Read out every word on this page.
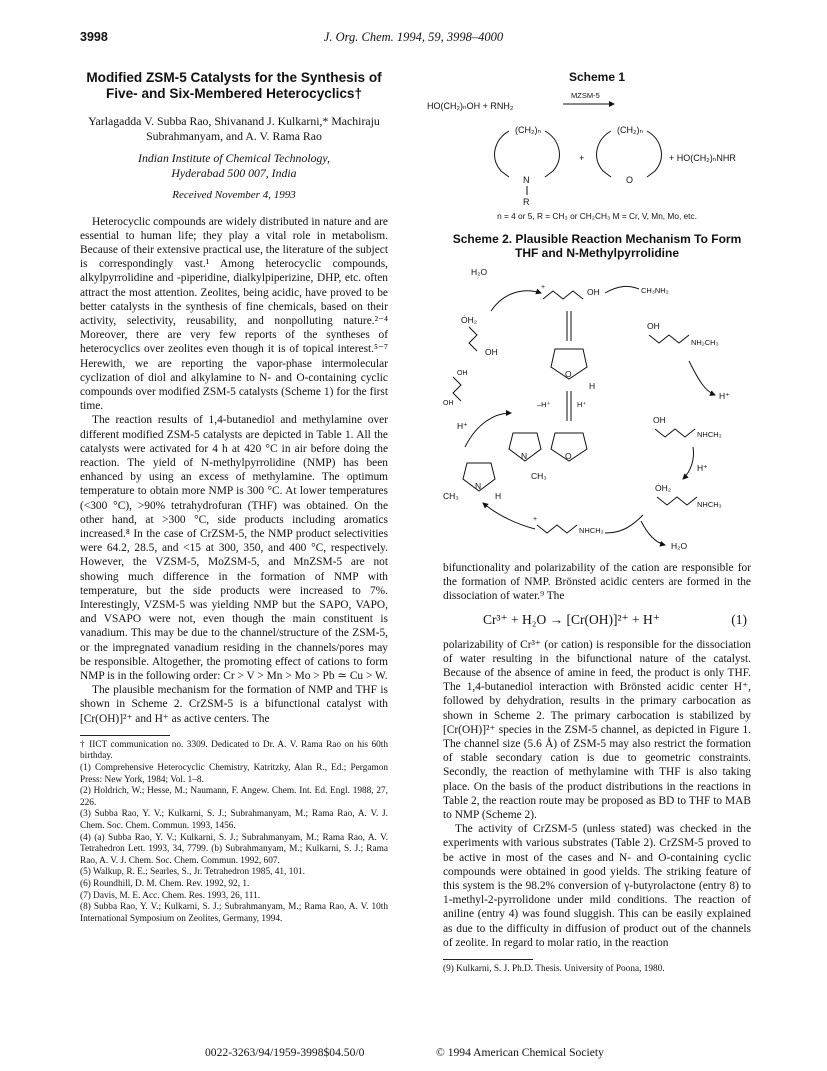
3998	J. Org. Chem. 1994, 59, 3998–4000
Modified ZSM-5 Catalysts for the Synthesis of Five- and Six-Membered Heterocyclics†
Yarlagadda V. Subba Rao, Shivanand J. Kulkarni,* Machiraju Subrahmanyam, and A. V. Rama Rao
Indian Institute of Chemical Technology,
Hyderabad 500 007, India
Received November 4, 1993

Heterocyclic compounds are widely distributed in nature and are essential to human life; they play a vital role in metabolism. Because of their extensive practical use, the literature of the subject is correspondingly vast.¹ Among heterocyclic compounds, alkylpyrrolidine and -piperidine, dialkylpiperizine, DHP, etc. often attract the most attention. Zeolites, being acidic, have proved to be better catalysts in the synthesis of fine chemicals, based on their activity, selectivity, reusability, and nonpolluting nature.²⁻⁴ Moreover, there are very few reports of the syntheses of heterocyclics over zeolites even though it is of topical interest.⁵⁻⁷ Herewith, we are reporting the vapor-phase intermolecular cyclization of diol and alkylamine to N- and O-containing cyclic compounds over modified ZSM-5 catalysts (Scheme 1) for the first time.

The reaction results of 1,4-butanediol and methylamine over different modified ZSM-5 catalysts are depicted in Table 1. All the catalysts were activated for 4 h at 420 °C in air before doing the reaction. The yield of N-methylpyrrolidine (NMP) has been enhanced by using an excess of methylamine. The optimum temperature to obtain more NMP is 300 °C. At lower temperatures (<300 °C), >90% tetrahydrofuran (THF) was obtained. On the other hand, at >300 °C, side products including aromatics increased.⁸ In the case of CrZSM-5, the NMP product selectivities were 64.2, 28.5, and <15 at 300, 350, and 400 °C, respectively. However, the VZSM-5, MoZSM-5, and MnZSM-5 are not showing much difference in the formation of NMP with temperature, but the side products were increased to 7%. Interestingly, VZSM-5 was yielding NMP but the SAPO, VAPO, and VSAPO were not, even though the main constituent is vanadium. This may be due to the channel/structure of the ZSM-5, or the impregnated vanadium residing in the channels/pores may be responsible. Altogether, the promoting effect of cations to form NMP is in the following order: Cr > V > Mn > Mo > Pb ≃ Cu > W.

The plausible mechanism for the formation of NMP and THF is shown in Scheme 2. CrZSM-5 is a bifunctional catalyst with [Cr(OH)]²⁺ and H⁺ as active centers. The

† IICT communication no. 3309. Dedicated to Dr. A. V. Rama Rao on his 60th birthday.

(1) Comprehensive Heterocyclic Chemistry, Katritzky, Alan R., Ed.; Pergamon Press: New York, 1984; Vol. 1–8.

(2) Holdrich, W.; Hesse, M.; Naumann, F. Angew. Chem. Int. Ed. Engl. 1988, 27, 226.

(3) Subba Rao, Y. V.; Kulkarni, S. J.; Subrahmanyam, M.; Rama Rao, A. V. J. Chem. Soc. Chem. Commun. 1993, 1456.

(4) (a) Subba Rao, Y. V.; Kulkarni, S. J.; Subrahmanyam, M.; Rama Rao, A. V. Tetrahedron Lett. 1993, 34, 7799. (b) Subrahmanyam, M.; Kulkarni, S. J.; Rama Rao, A. V. J. Chem. Soc. Chem. Commun. 1992, 607.

(5) Walkup, R. E.; Searles, S., Jr. Tetrahedron 1985, 41, 101.

(6) Roundhill, D. M. Chem. Rev. 1992, 92, 1.

(7) Davis, M. E. Acc. Chem. Res. 1993, 26, 111.

(8) Subba Rao, Y. V.; Kulkarni, S. J.; Subrahmanyam, M.; Rama Rao, A. V. 10th International Symposium on Zeolites, Germany, 1994.

Scheme 1
HO(CH₂)ₙOH + RNH₂
MZSM-5
(CH₂)ₙ
N
R
+
(CH₂)ₙ
O
+ HO(CH₂)ₙNHR
n = 4 or 5, R = CH₃ or CH₂CH₃ M = Cr, V, Mn, Mo, etc.
Scheme 2. Plausible Reaction Mechanism To Form THF and N-Methylpyrrolidine
H₂O
+	OH	CH₃NH₂
ȮH₂
OH
O
H
OH
NH₂CH₃
H⁺
OH
OH
H⁺
–H⁺	H⁺
N
CH₃
O
OH
NHCH₃
H⁺
N
CH₃	H
ȮH₂
NHCH₃
+
NHCH₃
H₂O

bifunctionality and polarizability of the cation are responsible for the formation of NMP. Brönsted acidic centers are formed in the dissociation of water.⁹ The

Cr³⁺ + H₂O → [Cr(OH)]²⁺ + H⁺	(1)

polarizability of Cr³⁺ (or cation) is responsible for the dissociation of water resulting in the bifunctional nature of the catalyst. Because of the absence of amine in feed, the product is only THF. The 1,4-butanediol interaction with Brönsted acidic center H⁺, followed by dehydration, results in the primary carbocation as shown in Scheme 2. The primary carbocation is stabilized by [Cr(OH)]²⁺ species in the ZSM-5 channel, as depicted in Figure 1. The channel size (5.6 Å) of ZSM-5 may also restrict the formation of stable secondary cation is due to geometric constraints. Secondly, the reaction of methylamine with THF is also taking place. On the basis of the product distributions in the reactions in Table 2, the reaction route may be proposed as BD to THF to MAB to NMP (Scheme 2).

The activity of CrZSM-5 (unless stated) was checked in the experiments with various substrates (Table 2). CrZSM-5 proved to be active in most of the cases and N- and O-containing cyclic compounds were obtained in good yields. The striking feature of this system is the 98.2% conversion of γ-butyrolactone (entry 8) to 1-methyl-2-pyrrolidone under mild conditions. The reaction of aniline (entry 4) was found sluggish. This can be easily explained as due to the difficulty in diffusion of product out of the channels of zeolite. In regard to molar ratio, in the reaction

(9) Kulkarni, S. J. Ph.D. Thesis. University of Poona, 1980.

0022-3263/94/1959-3998$04.50/0	© 1994 American Chemical Society
